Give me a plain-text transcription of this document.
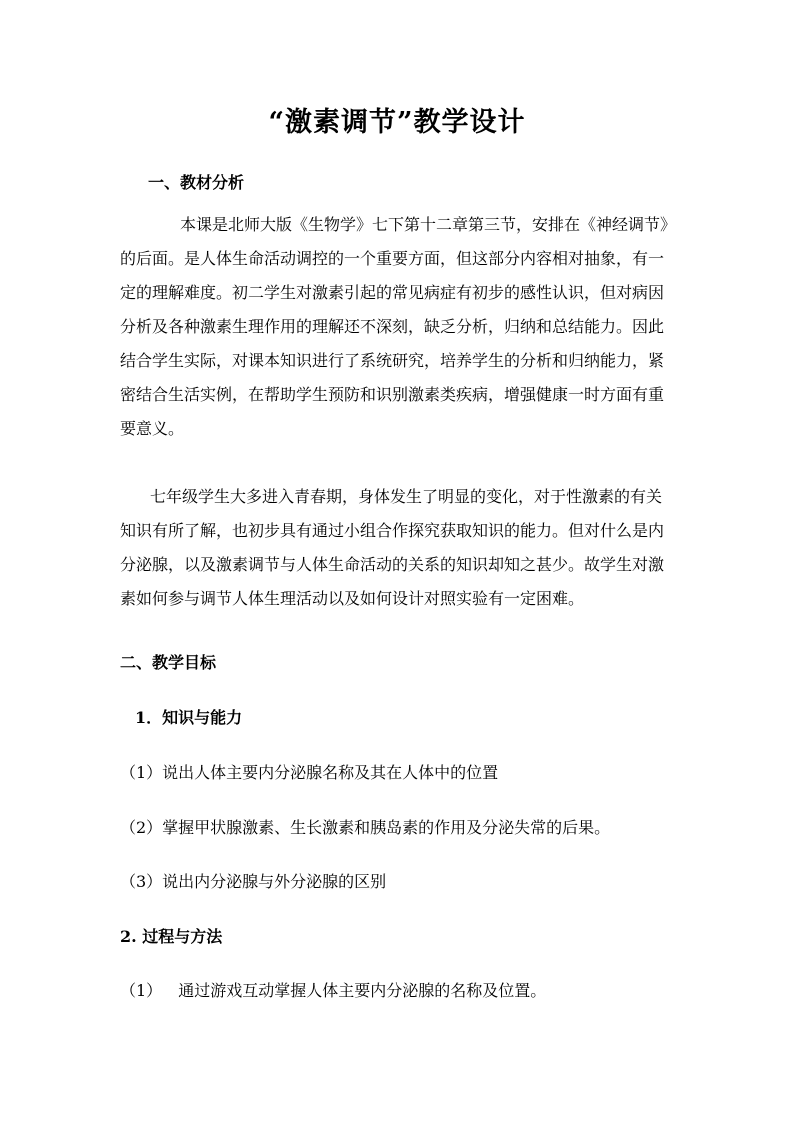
“激素调节”教学设计
一、教材分析
本课是北师大版《生物学》七下第十二章第三节，安排在《神经调节》
的后面。是人体生命活动调控的一个重要方面，但这部分内容相对抽象，有一
定的理解难度。初二学生对激素引起的常见病症有初步的感性认识，但对病因
分析及各种激素生理作用的理解还不深刻，缺乏分析，归纳和总结能力。因此
结合学生实际，对课本知识进行了系统研究，培养学生的分析和归纳能力，紧
密结合生活实例，在帮助学生预防和识别激素类疾病，增强健康一时方面有重
要意义。
七年级学生大多进入青春期，身体发生了明显的变化，对于性激素的有关
知识有所了解，也初步具有通过小组合作探究获取知识的能力。但对什么是内
分泌腺，以及激素调节与人体生命活动的关系的知识却知之甚少。故学生对激
素如何参与调节人体生理活动以及如何设计对照实验有一定困难。
二、教学目标
1．知识与能力
（1）说出人体主要内分泌腺名称及其在人体中的位置
（2）掌握甲状腺激素、生长激素和胰岛素的作用及分泌失常的后果。
（3）说出内分泌腺与外分泌腺的区别
2. 过程与方法
（1） 通过游戏互动掌握人体主要内分泌腺的名称及位置。
